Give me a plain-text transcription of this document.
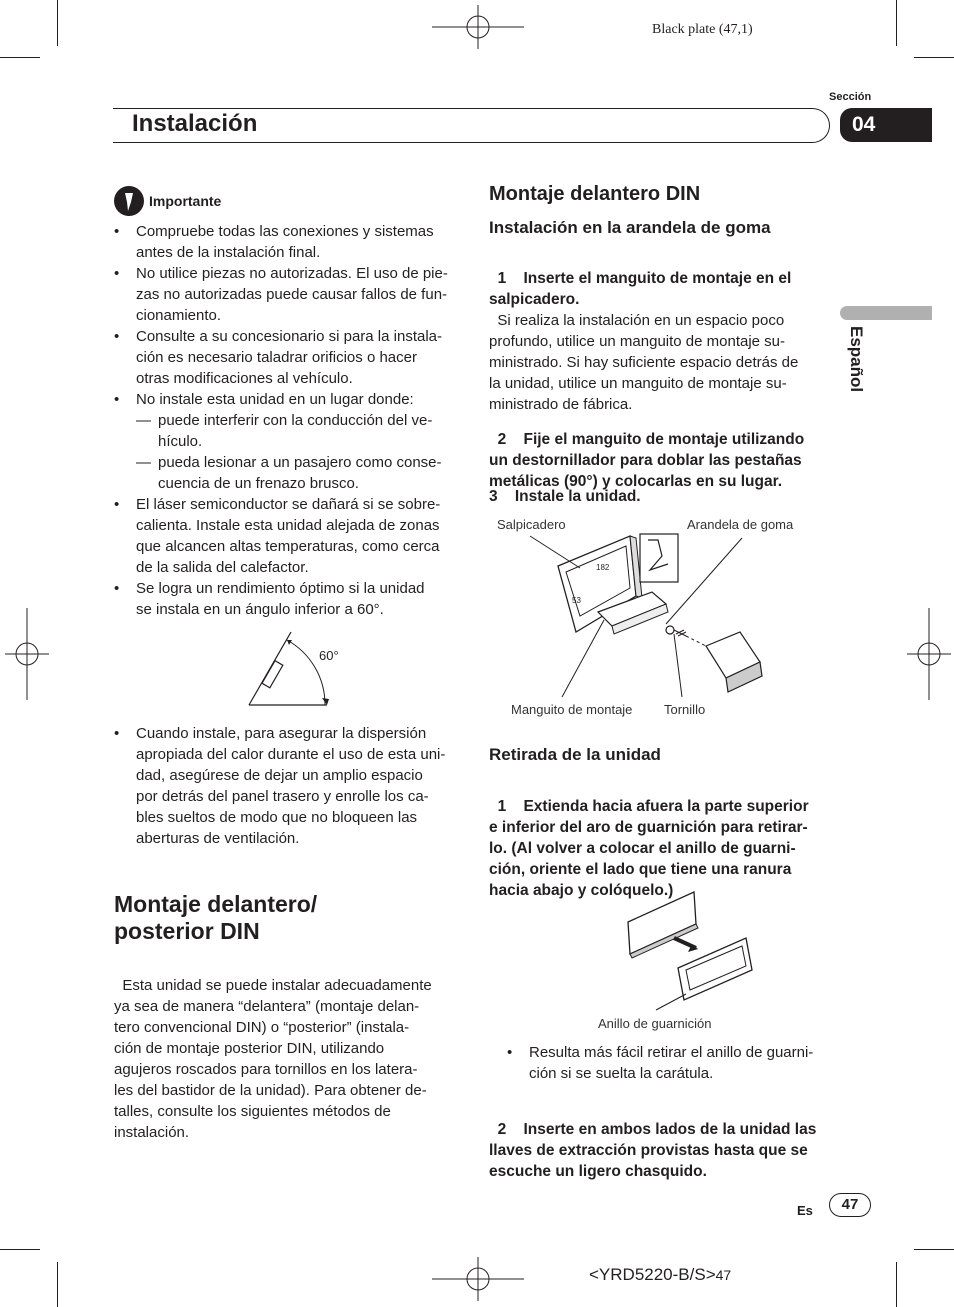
Black plate (47,1)
Sección
Instalación	04
Español
Importante
• Compruebe todas las conexiones y sistemas
antes de la instalación final.
• No utilice piezas no autorizadas. El uso de pie-
zas no autorizadas puede causar fallos de fun-
cionamiento.
• Consulte a su concesionario si para la instala-
ción es necesario taladrar orificios o hacer
otras modificaciones al vehículo.
• No instale esta unidad en un lugar donde:
— puede interferir con la conducción del ve-
hículo.
— pueda lesionar a un pasajero como conse-
cuencia de un frenazo brusco.
• El láser semiconductor se dañará si se sobre-
calienta. Instale esta unidad alejada de zonas
que alcancen altas temperaturas, como cerca
de la salida del calefactor.
• Se logra un rendimiento óptimo si la unidad
se instala en un ángulo inferior a 60°.
60°
• Cuando instale, para asegurar la dispersión
apropiada del calor durante el uso de esta uni-
dad, asegúrese de dejar un amplio espacio
por detrás del panel trasero y enrolle los ca-
bles sueltos de modo que no bloqueen las
aberturas de ventilación.
Montaje delantero/
posterior DIN

Esta unidad se puede instalar adecuadamente
ya sea de manera “delantera” (montaje delan-
tero convencional DIN) o “posterior” (instala-
ción de montaje posterior DIN, utilizando
agujeros roscados para tornillos en los latera-
les del bastidor de la unidad). Para obtener de-
talles, consulte los siguientes métodos de
instalación.

Montaje delantero DIN
Instalación en la arandela de goma

1    Inserte el manguito de montaje en el
salpicadero.

Si realiza la instalación en un espacio poco
profundo, utilice un manguito de montaje su-
ministrado. Si hay suficiente espacio detrás de
la unidad, utilice un manguito de montaje su-
ministrado de fábrica.

2    Fije el manguito de montaje utilizando
un destornillador para doblar las pestañas
metálicas (90°) y colocarlas en su lugar.

3    Instale la unidad.
Salpicadero	Arandela de goma
182
53
Manguito de montaje Tornillo
Retirada de la unidad

1    Extienda hacia afuera la parte superior
e inferior del aro de guarnición para retirar-
lo. (Al volver a colocar el anillo de guarni-
ción, oriente el lado que tiene una ranura
hacia abajo y colóquelo.)

Anillo de guarnición
• Resulta más fácil retirar el anillo de guarni-
ción si se suelta la carátula.

2    Inserte en ambos lados de la unidad las
llaves de extracción provistas hasta que se
escuche un ligero chasquido.

Es	47
<YRD5220-B/S>47
